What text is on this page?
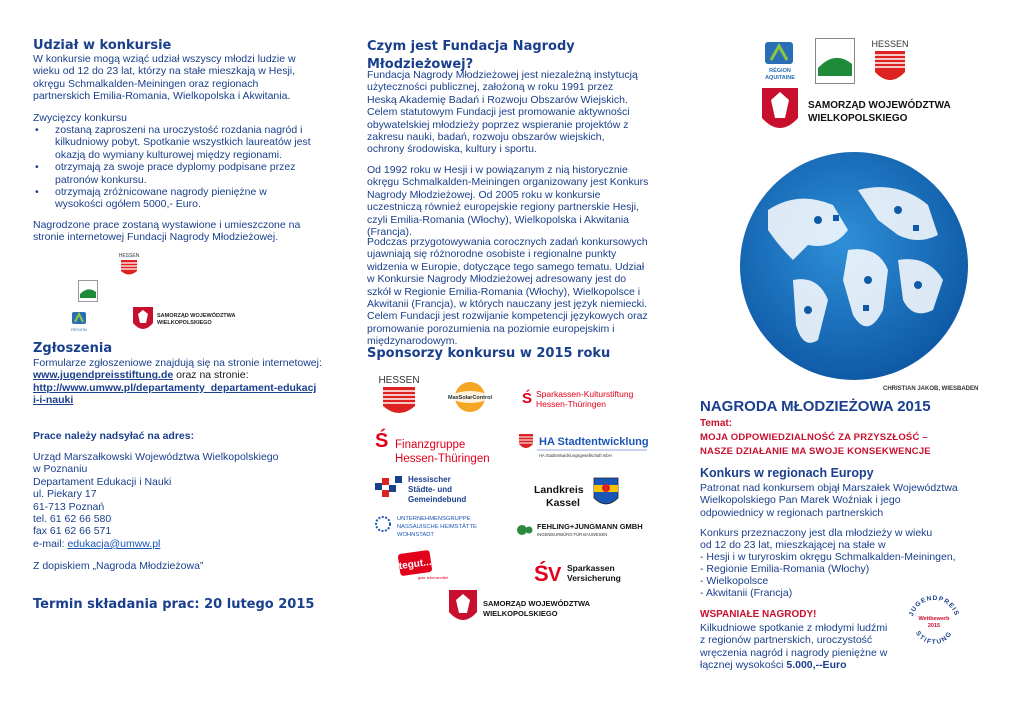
Udział w konkursie
W konkursie mogą wziąć udział wszyscy młodzi ludzie w wieku od 12 do 23 lat, którzy na stałe mieszkają w Hesji, okręgu Schmalkalden-Meiningen oraz regionach partnerskich Emilia-Romania, Wielkopolska i Akwitania.
Zwycięzcy konkursu
• zostaną zaproszeni na uroczystość rozdania nagród i kilkudniowy pobyt. Spotkanie wszystkich laureatów jest okazją do wymiany kulturowej między regionami.
• otrzymają za swoje prace dyplomy podpisane przez patronów konkursu.
• otrzymają zróżnicowane nagrody pieniężne w wysokości ogółem 5000,- Euro.
Nagrodzone prace zostaną wystawione i umieszczone na stronie internetowej Fundacji Nagrody Młodzieżowej.
HESSEN
RÉGION
SAMORZĄD WOJEWÓDZTWA
WIELKOPOLSKIEGO
Zgłoszenia
Formularze zgłoszeniowe znajdują się na stronie internetowej:
www.jugendpreisstiftung.de oraz na stronie:
http://www.umww.pl/departamenty_departament-edukacji-i-nauki
Prace należy nadsyłać na adres:
Urząd Marszałkowski Województwa Wielkopolskiego
w Poznaniu
Departament Edukacji i Nauki
ul. Piekary 17
61-713 Poznań
tel. 61 62 66 580
fax 61 62 66 571
e-mail: edukacja@umww.pl
Z dopiskiem „Nagroda Młodzieżowa”
Termin składania prac: 20 lutego 2015
Czym jest Fundacja Nagrody Młodzieżowej?
Fundacja Nagrody Młodzieżowej jest niezależną instytucją użyteczności publicznej, założoną w roku 1991 przez Heską Akademię Badań i Rozwoju Obszarów Wiejskich. Celem statutowym Fundacji jest promowanie aktywności obywatelskiej młodzieży poprzez wspieranie projektów z zakresu nauki, badań, rozwoju obszarów wiejskich, ochrony środowiska, kultury i sportu.
Od 1992 roku w Hesji i w powiązanym z nią historycznie okręgu Schmalkalden-Meiningen organizowany jest Konkurs Nagrody Młodzieżowej. Od 2005 roku w konkursie uczestniczą również europejskie regiony partnerskie Hesji, czyli Emilia-Romania (Włochy), Wielkopolska i Akwitania (Francja).
Podczas przygotowywania corocznych zadań konkursowych ujawniają się różnorodne osobiste i regionalne punkty widzenia w Europie, dotyczące tego samego tematu. Udział w Konkursie Nagrody Młodzieżowej adresowany jest do szkół w Regionie Emilia-Romania (Włochy), Wielkopolsce i Akwitanii (Francja), w których nauczany jest język niemiecki. Celem Fundacji jest rozwijanie kompetencji językowych oraz promowanie porozumienia na poziomie europejskim i międzynarodowym.
Sponsorzy konkursu w 2015 roku
HESSEN
MaxSolarControl Ś Sparkassen-Kulturstiftung
Hessen-Thüringen
Ś Finanzgruppe
Hessen-Thüringen
HA Stadtentwicklung
HA Stadtentwicklungsgesellschaft mbH
Hessischer
Städte- und
Gemeindebund
Landkreis
Kassel
UNTERNEHMENSGRUPPE
NASSAUISCHE HEIMSTÄTTE
WOHNSTADT
FEHLING+JUNGMANN GMBH
INGENIEURBÜRO FÜR BAUWESEN
tegut...
gute lebensmittel	Ś V Sparkassen
Versicherung
SAMORZĄD WOJEWÓDZTWA
WIELKOPOLSKIEGO
RÉGION
AQUITAINE
HESSEN
SAMORZĄD WOJEWÓDZTWA
WIELKOPOLSKIEGO
CHRISTIAN JAKOB, WIESBADEN
NAGRODA MŁODZIEŻOWA 2015
Temat:
MOJA ODPOWIEDZIALNOŚĆ ZA PRZYSZŁOŚĆ –
NASZE DZIAŁANIE MA SWOJE KONSEKWENCJE
Konkurs w regionach Europy
Patronat nad konkursem objął Marszałek Województwa Wielkopolskiego Pan Marek Woźniak i jego odpowiednicy w regionach partnerskich
Konkurs przeznaczony jest dla młodzieży w wieku
od 12 do 23 lat, mieszkającej na stałe w
- Hesji i w turyroskim okręgu Schmalkalden-Meiningen,
- Regionie Emilia-Romania (Włochy)
- Wielkopolsce
- Akwitanii (Francja)
WSPANIAŁE NAGRODY!
Kilkudniowe spotkanie z młodymi ludźmi z regionów partnerskich, uroczystość wręczenia nagród i nagrody pieniężne w łącznej wysokości 5.000,--Euro
JUGENDPREIS
STIFTUNG
Wettbewerb
2015
